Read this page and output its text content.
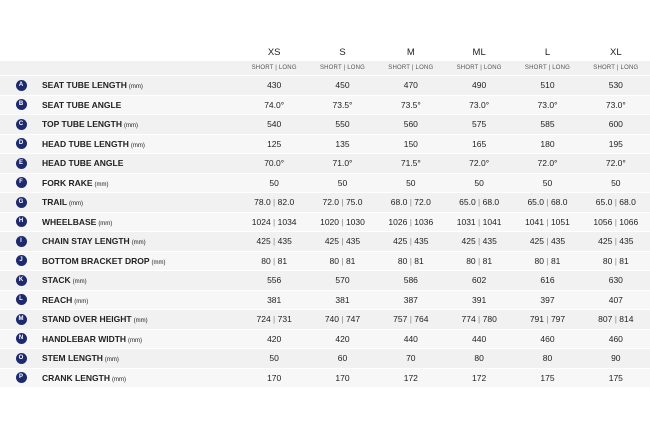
		XS	S	M	ML	L	XL
		SHORT | LONG	SHORT | LONG	SHORT | LONG	SHORT | LONG	SHORT | LONG	SHORT | LONG
A	SEAT TUBE LENGTH (mm)	430	450	470	490	510	530
B	SEAT TUBE ANGLE	74.0°	73.5°	73.5°	73.0°	73.0°	73.0°
C	TOP TUBE LENGTH (mm)	540	550	560	575	585	600
D	HEAD TUBE LENGTH (mm)	125	135	150	165	180	195
E	HEAD TUBE ANGLE	70.0°	71.0°	71.5°	72.0°	72.0°	72.0°
F	FORK RAKE (mm)	50	50	50	50	50	50
G	TRAIL (mm)	78.0 | 82.0	72.0 | 75.0	68.0 | 72.0	65.0 | 68.0	65.0 | 68.0	65.0 | 68.0
H	WHEELBASE (mm)	1024 | 1034	1020 | 1030	1026 | 1036	1031 | 1041	1041 | 1051	1056 | 1066
I	CHAIN STAY LENGTH (mm)	425 | 435	425 | 435	425 | 435	425 | 435	425 | 435	425 | 435
J	BOTTOM BRACKET DROP (mm)	80 | 81	80 | 81	80 | 81	80 | 81	80 | 81	80 | 81
K	STACK (mm)	556	570	586	602	616	630
L	REACH (mm)	381	381	387	391	397	407
M	STAND OVER HEIGHT (mm)	724 | 731	740 | 747	757 | 764	774 | 780	791 | 797	807 | 814
N	HANDLEBAR WIDTH (mm)	420	420	440	440	460	460
O	STEM LENGTH (mm)	50	60	70	80	80	90
P	CRANK LENGTH (mm)	170	170	172	172	175	175
